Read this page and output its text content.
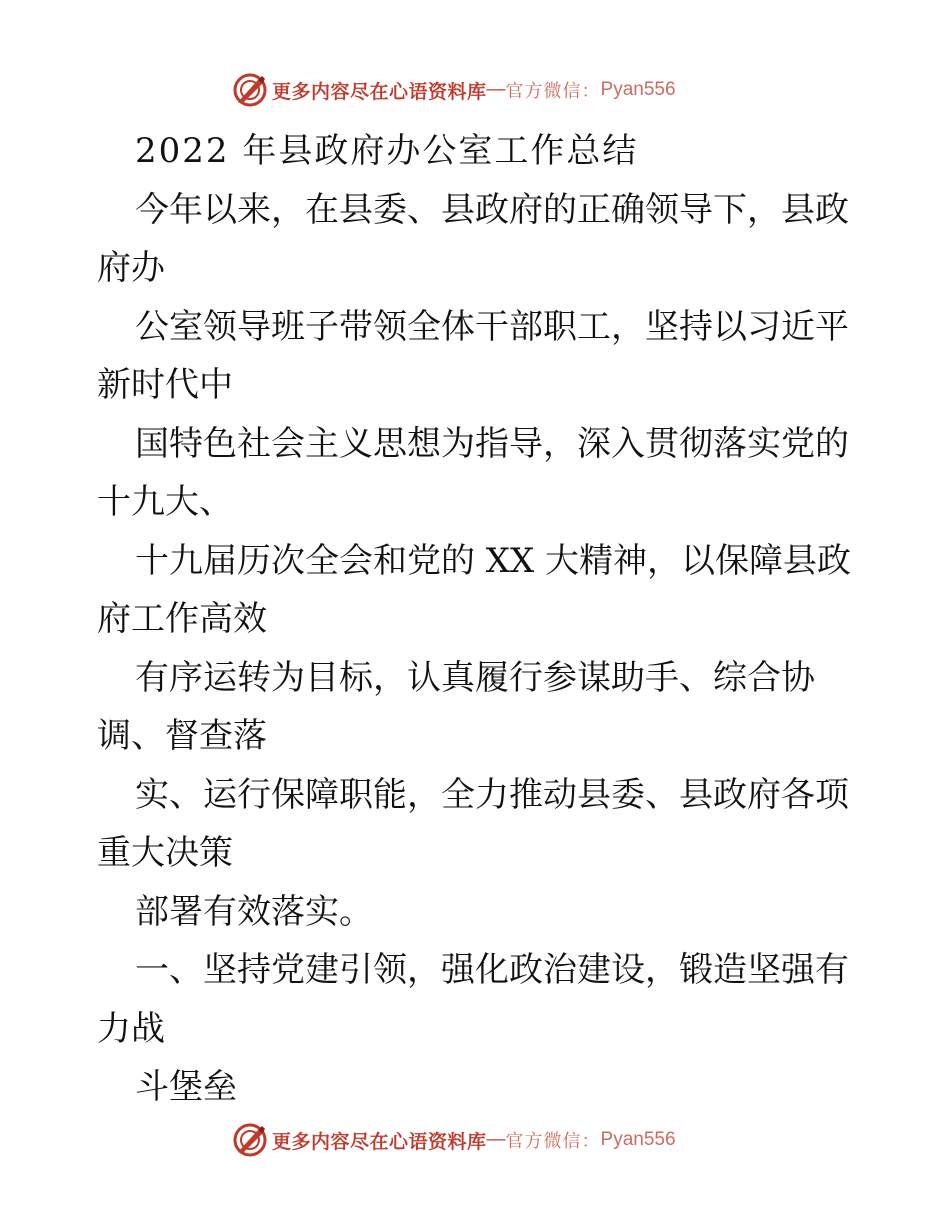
更多内容尽在心语资料库 — 官方微信： Pyan556

2022 年县政府办公室工作总结

今年以来，在县委、县政府的正确领导下，县政

府办

公室领导班子带领全体干部职工，坚持以习近平

新时代中

国特色社会主义思想为指导，深入贯彻落实党的

十九大、

十九届历次全会和党的 XX 大精神，以保障县政

府工作高效

有序运转为目标，认真履行参谋助手、综合协

调、督查落

实、运行保障职能，全力推动县委、县政府各项

重大决策

部署有效落实。

一、坚持党建引领，强化政治建设，锻造坚强有

力战

斗堡垒

更多内容尽在心语资料库 — 官方微信： Pyan556
